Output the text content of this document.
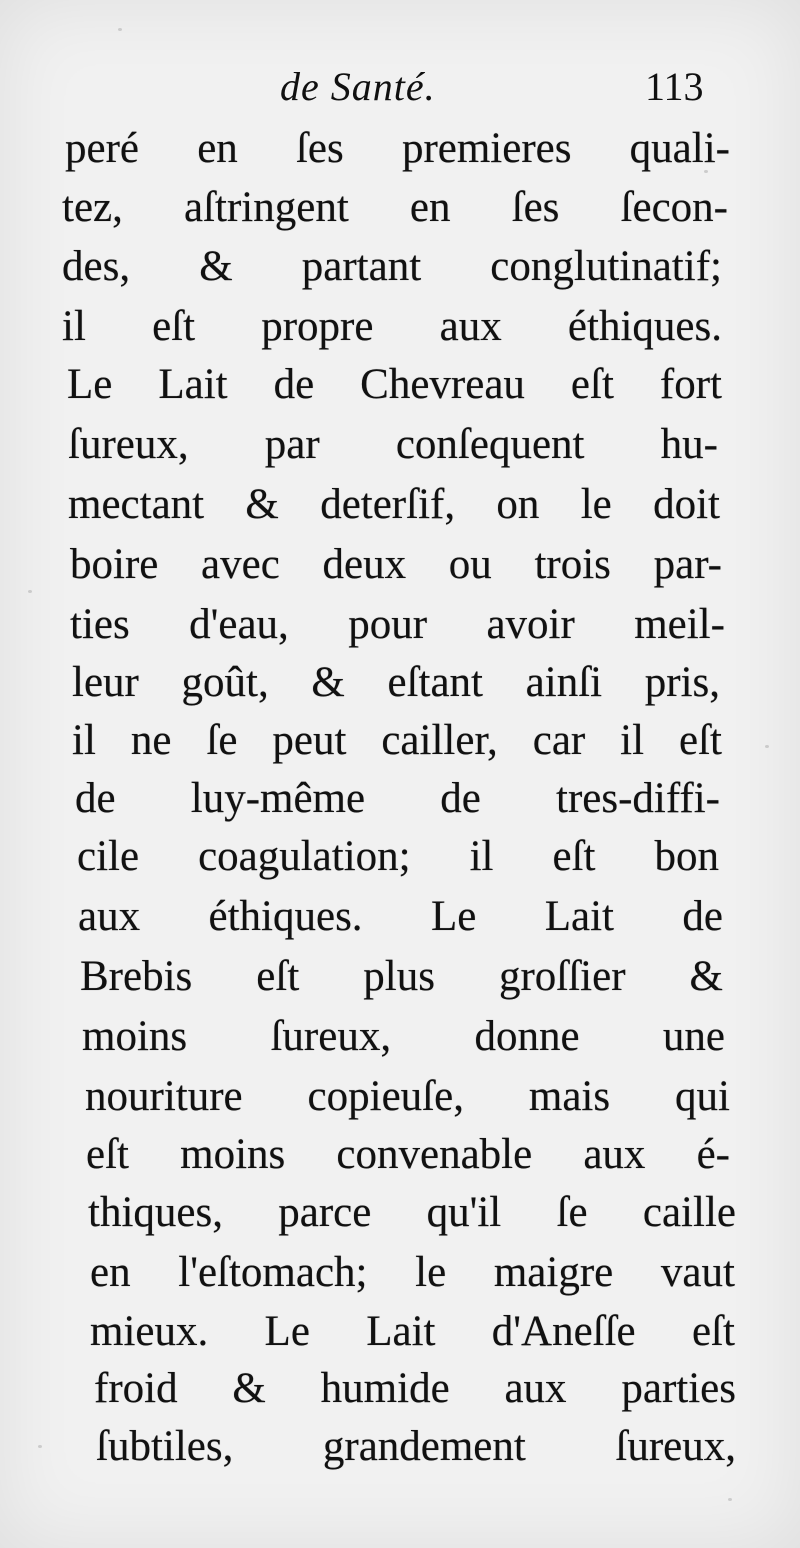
de Santé.	113
peré en ſes premieres quali-
tez, aſtringent en ſes ſecon-
des, & partant conglutinatif;
il eſt propre aux éthiques.
Le Lait de Chevreau eſt fort
ſureux, par conſequent hu-
mectant & deterſif, on le doit
boire avec deux ou trois par-
ties d'eau, pour avoir meil-
leur goût, & eſtant ainſi pris,
il ne ſe peut cailler, car il eſt
de luy-même de tres-diffi-
cile coagulation; il eſt bon
aux éthiques. Le Lait de
Brebis eſt plus groſſier &
moins ſureux, donne une
nouriture copieuſe, mais qui
eſt moins convenable aux é-
thiques, parce qu'il ſe caille
en l'eſtomach; le maigre vaut
mieux. Le Lait d'Aneſſe eſt
froid & humide aux parties
ſubtiles, grandement ſureux,
